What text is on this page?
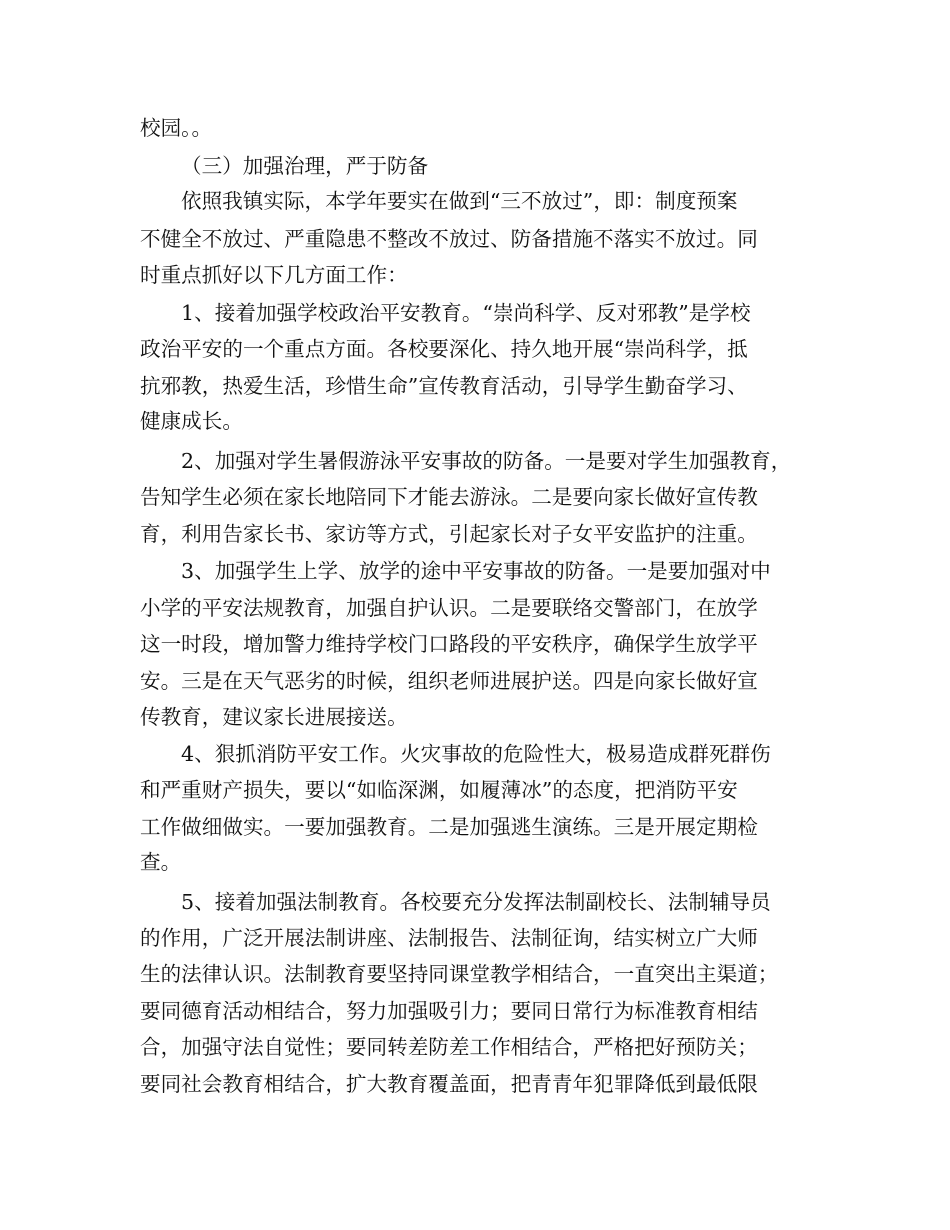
校园。。

（三）加强治理，严于防备

依照我镇实际，本学年要实在做到“三不放过”，即：制度预案

不健全不放过、严重隐患不整改不放过、防备措施不落实不放过。同

时重点抓好以下几方面工作：

1、接着加强学校政治平安教育。“崇尚科学、反对邪教”是学校

政治平安的一个重点方面。各校要深化、持久地开展“崇尚科学，抵

抗邪教，热爱生活，珍惜生命”宣传教育活动，引导学生勤奋学习、

健康成长。

2、加强对学生暑假游泳平安事故的防备。一是要对学生加强教育，

告知学生必须在家长地陪同下才能去游泳。二是要向家长做好宣传教

育，利用告家长书、家访等方式，引起家长对子女平安监护的注重。

3、加强学生上学、放学的途中平安事故的防备。一是要加强对中

小学的平安法规教育，加强自护认识。二是要联络交警部门，在放学

这一时段，增加警力维持学校门口路段的平安秩序，确保学生放学平

安。三是在天气恶劣的时候，组织老师进展护送。四是向家长做好宣

传教育，建议家长进展接送。

4、狠抓消防平安工作。火灾事故的危险性大，极易造成群死群伤

和严重财产损失，要以“如临深渊，如履薄冰”的态度，把消防平安

工作做细做实。一要加强教育。二是加强逃生演练。三是开展定期检

查。

5、接着加强法制教育。各校要充分发挥法制副校长、法制辅导员

的作用，广泛开展法制讲座、法制报告、法制征询，结实树立广大师

生的法律认识。法制教育要坚持同课堂教学相结合，一直突出主渠道；

要同德育活动相结合，努力加强吸引力；要同日常行为标准教育相结

合，加强守法自觉性；要同转差防差工作相结合，严格把好预防关；

要同社会教育相结合，扩大教育覆盖面，把青青年犯罪降低到最低限
